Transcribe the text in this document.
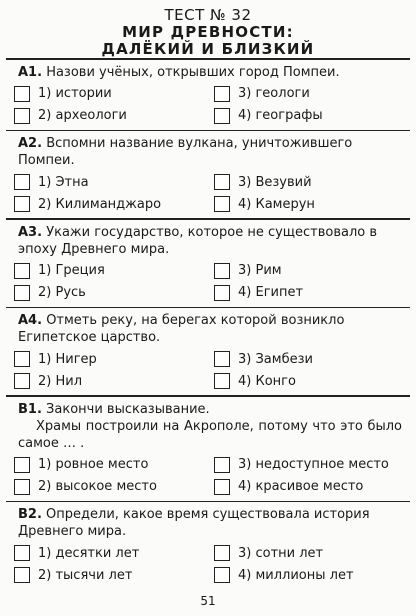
ТЕСТ № 32
МИР ДРЕВНОСТИ:
ДАЛЁКИЙ И БЛИЗКИЙ
A1. Назови учёных, открывших город Помпеи.
1) истории	3) геологи
2) археологи	4) географы
A2. Вспомни название вулкана, уничтожившего Помпеи.
1) Этна	3) Везувий
2) Килиманджаро	4) Камерун
A3. Укажи государство, которое не существовало в эпоху Древнего мира.
1) Греция	3) Рим
2) Русь	4) Египет
A4. Отметь реку, на берегах которой возникло Египетское царство.
1) Нигер	3) Замбези
2) Нил	4) Конго
B1. Закончи высказывание.
Храмы построили на Акрополе, потому что это было самое … .
1) ровное место	3) недоступное место
2) высокое место	4) красивое место
B2. Определи, какое время существовала история Древнего мира.
1) десятки лет	3) сотни лет
2) тысячи лет	4) миллионы лет
51
